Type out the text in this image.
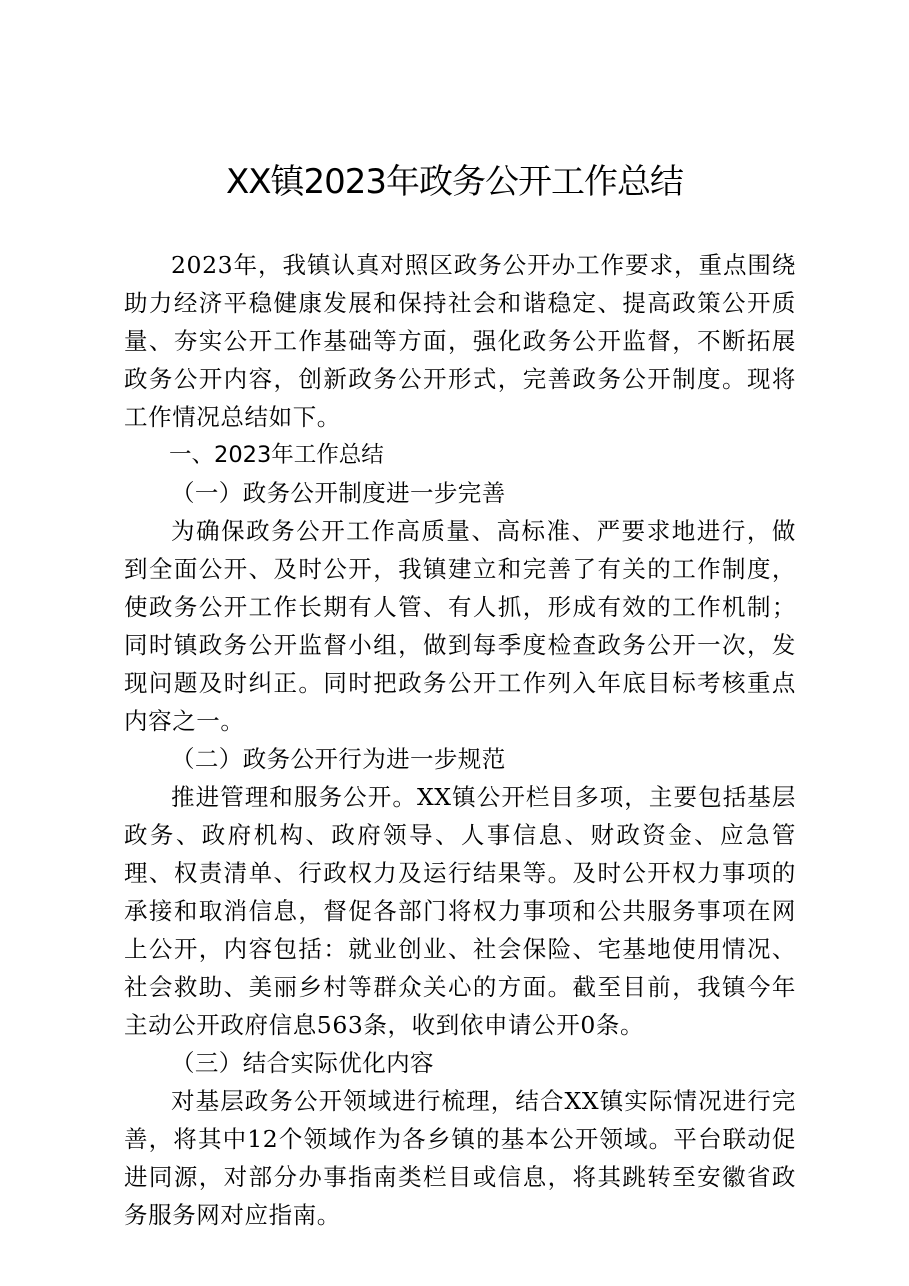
XX镇2023年政务公开工作总结

2023年，我镇认真对照区政务公开办工作要求，重点围绕助力经济平稳健康发展和保持社会和谐稳定、提高政策公开质量、夯实公开工作基础等方面，强化政务公开监督，不断拓展政务公开内容，创新政务公开形式，完善政务公开制度。现将工作情况总结如下。

一、2023年工作总结

（一）政务公开制度进一步完善

为确保政务公开工作高质量、高标准、严要求地进行，做到全面公开、及时公开，我镇建立和完善了有关的工作制度，使政务公开工作长期有人管、有人抓，形成有效的工作机制；同时镇政务公开监督小组，做到每季度检查政务公开一次，发现问题及时纠正。同时把政务公开工作列入年底目标考核重点内容之一。

（二）政务公开行为进一步规范

推进管理和服务公开。XX镇公开栏目多项，主要包括基层政务、政府机构、政府领导、人事信息、财政资金、应急管理、权责清单、行政权力及运行结果等。及时公开权力事项的承接和取消信息，督促各部门将权力事项和公共服务事项在网上公开，内容包括：就业创业、社会保险、宅基地使用情况、社会救助、美丽乡村等群众关心的方面。截至目前，我镇今年主动公开政府信息563条，收到依申请公开0条。

（三）结合实际优化内容

对基层政务公开领域进行梳理，结合XX镇实际情况进行完善，将其中12个领域作为各乡镇的基本公开领域。平台联动促进同源，对部分办事指南类栏目或信息，将其跳转至安徽省政务服务网对应指南。
